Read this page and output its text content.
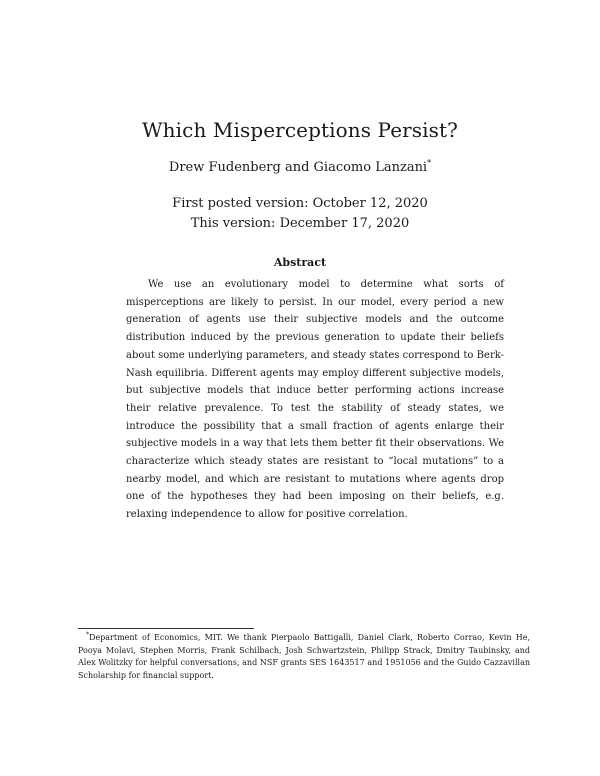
Which Misperceptions Persist?
Drew Fudenberg and Giacomo Lanzani*
First posted version: October 12, 2020
This version: December 17, 2020
Abstract

We use an evolutionary model to determine what sorts of misperceptions are likely to persist. In our model, every period a new generation of agents use their subjective models and the outcome distribution induced by the previous generation to update their beliefs about some underlying parameters, and steady states correspond to Berk-Nash equilibria. Different agents may employ different subjective models, but subjective models that induce better performing actions increase their relative prevalence. To test the stability of steady states, we introduce the possibility that a small fraction of agents enlarge their subjective models in a way that lets them better fit their observations. We characterize which steady states are resistant to “local mutations” to a nearby model, and which are resistant to mutations where agents drop one of the hypotheses they had been imposing on their beliefs, e.g. relaxing independence to allow for positive correlation.

*Department of Economics, MIT. We thank Pierpaolo Battigalli, Daniel Clark, Roberto Corrao, Kevin He, Pooya Molavi, Stephen Morris, Frank Schilbach, Josh Schwartzstein, Philipp Strack, Dmitry Taubinsky, and Alex Wolitzky for helpful conversations, and NSF grants SES 1643517 and 1951056 and the Guido Cazzavillan Scholarship for financial support.
